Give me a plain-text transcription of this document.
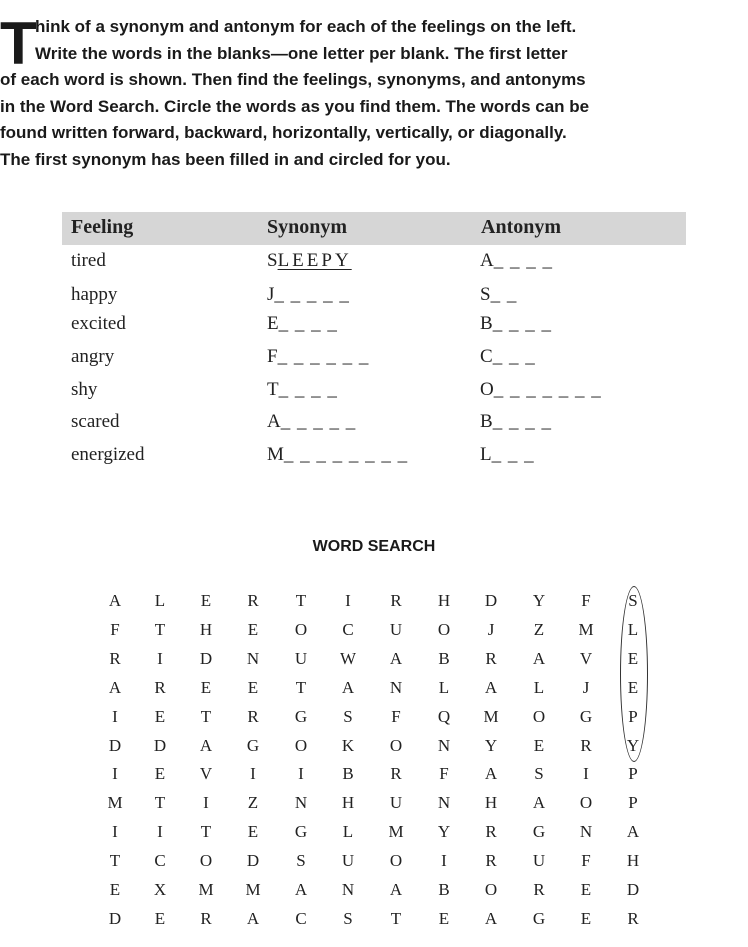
T
hink of a synonym and antonym for each of the feelings on the left.
Write the words in the blanks—one letter per blank. The first letter
of each word is shown. Then find the feelings, synonyms, and antonyms
in the Word Search. Circle the words as you find them. The words can be
found written forward, backward, horizontally, vertically, or diagonally.
The first synonym has been filled in and circled for you.
Feeling	Synonym	Antonym
tired	SLEEPY	A_ _ _ _
happy	J_ _ _ _ _	S_ _
excited	E_ _ _ _	B_ _ _ _
angry	F_ _ _ _ _ _	C_ _ _
shy	T_ _ _ _	O_ _ _ _ _ _ _
scared	A_ _ _ _ _	B_ _ _ _
energized	M_ _ _ _ _ _ _ _	L_ _ _
WORD SEARCH
A	L	E	R	T	I	R	H	D	Y	F	S
F	T	H	E	O	C	U	O	J	Z	M	L
R	I	D	N	U	W	A	B	R	A	V	E
A	R	E	E	T	A	N	L	A	L	J	E
I	E	T	R	G	S	F	Q	M	O	G	P
D	D	A	G	O	K	O	N	Y	E	R	Y
I	E	V	I	I	B	R	F	A	S	I	P
M	T	I	Z	N	H	U	N	H	A	O	P
I	I	T	E	G	L	M	Y	R	G	N	A
T	C	O	D	S	U	O	I	R	U	F	H
E	X	M	M	A	N	A	B	O	R	E	D
D	E	R	A	C	S	T	E	A	G	E	R
